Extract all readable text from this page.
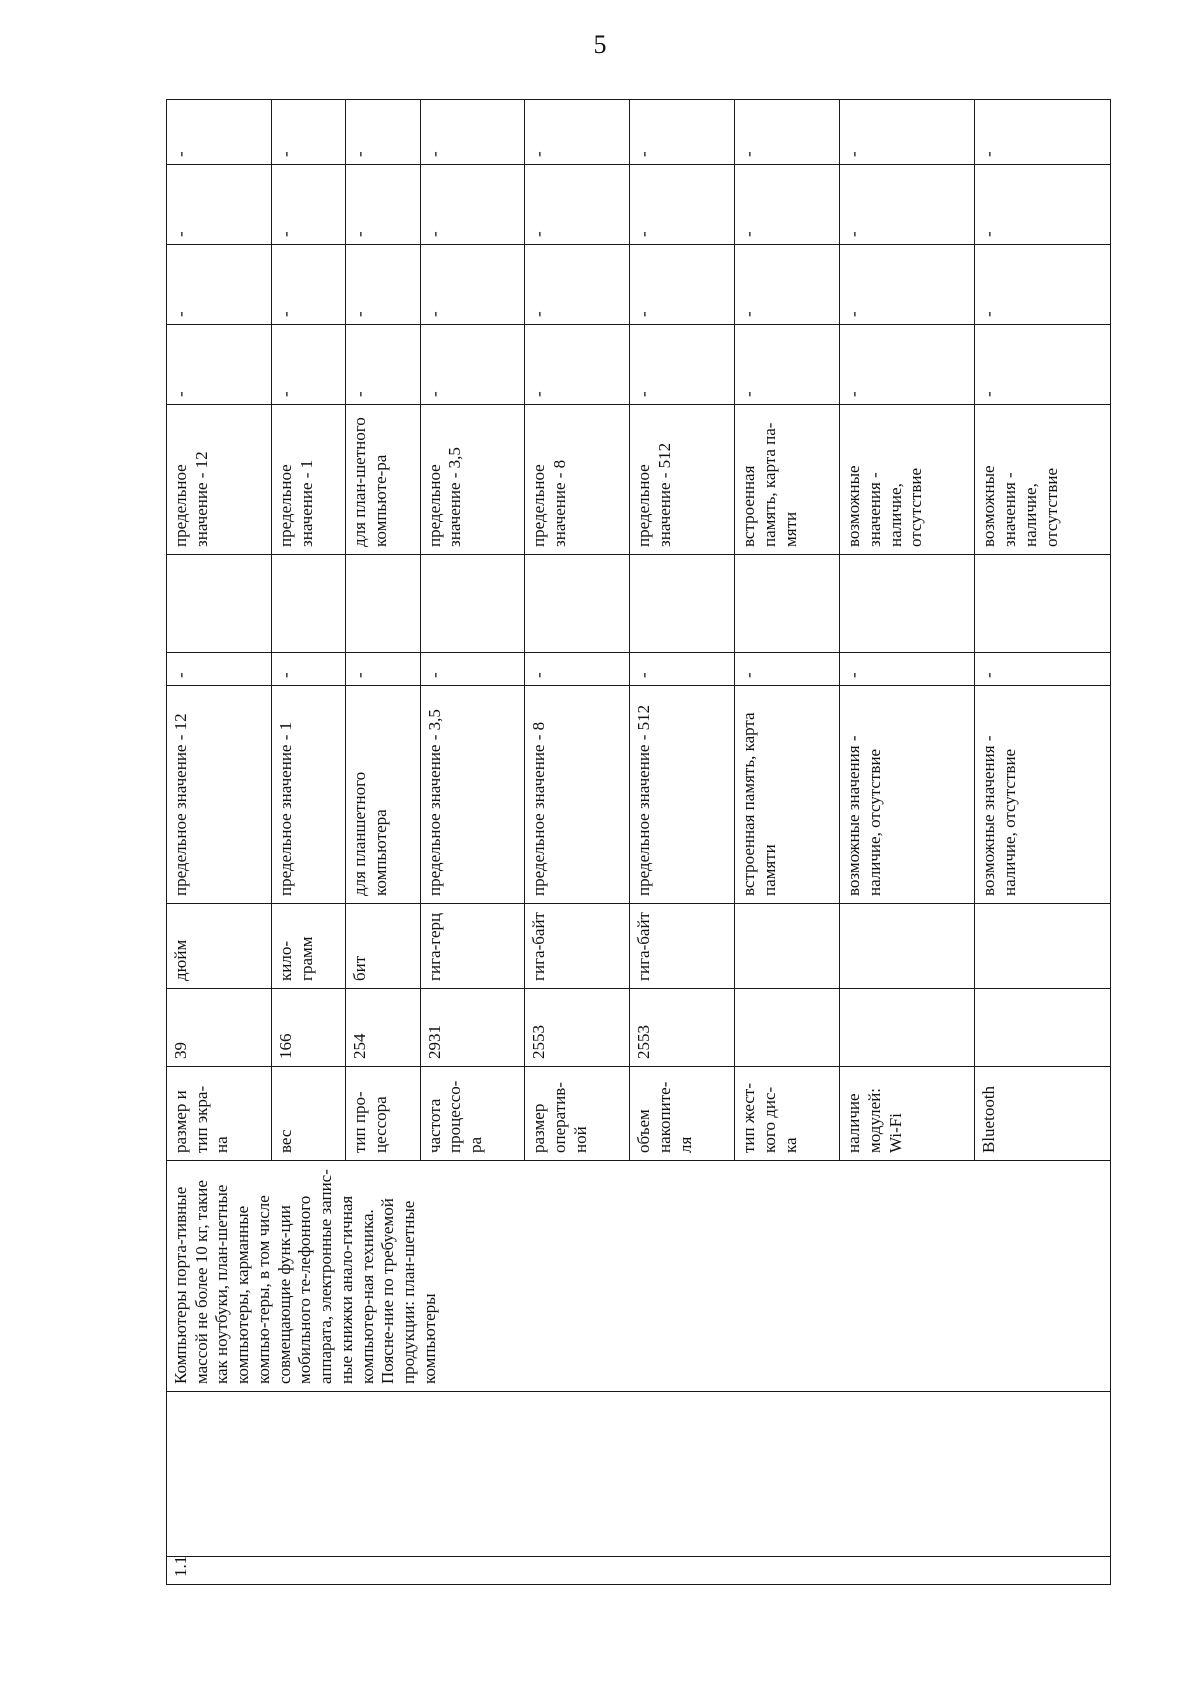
5
1.1		Компьютеры порта-тивные массой не более 10 кг, такие как ноутбуки, план-шетные компьютеры, карманные компью-теры, в том числе совмещающие функ-ции мобильного те-лефонного аппарата, электронные запис-ные книжки анало-гичная компьютер-ная техника. Поясне-ние по требуемой продукции: план-шетные компьютеры	размер и тип экра-на	39	дюйм	предельное значение - 12	-		предельное значение - 12	-	-	-	-
			вес	166	кило-грамм	предельное значение - 1	-		предельное значение - 1	-	-	-	-
			тип про-цессора	254	бит	для планшетного компьютера	-		для план-шетного компьюте-ра	-	-	-	-
			частота процессо-ра	2931	гига-герц	предельное значение - 3,5	-		предельное значение - 3,5	-	-	-	-
			размер оператив-ной	2553	гига-байт	предельное значение - 8	-		предельное значение - 8	-	-	-	-
			объем накопите-ля	2553	гига-байт	предельное значение - 512	-		предельное значение - 512	-	-	-	-
			тип жест-кого дис-ка			встроенная память, карта памяти	-		встроенная память, карта па-мяти	-	-	-	-
			наличие модулей: Wi-Fi			возможные значения - наличие, отсутствие	-		возможные значения - наличие, отсутствие	-	-	-	-
			Bluetooth			возможные значения - наличие, отсутствие	-		возможные значения - наличие, отсутствие	-	-	-	-
